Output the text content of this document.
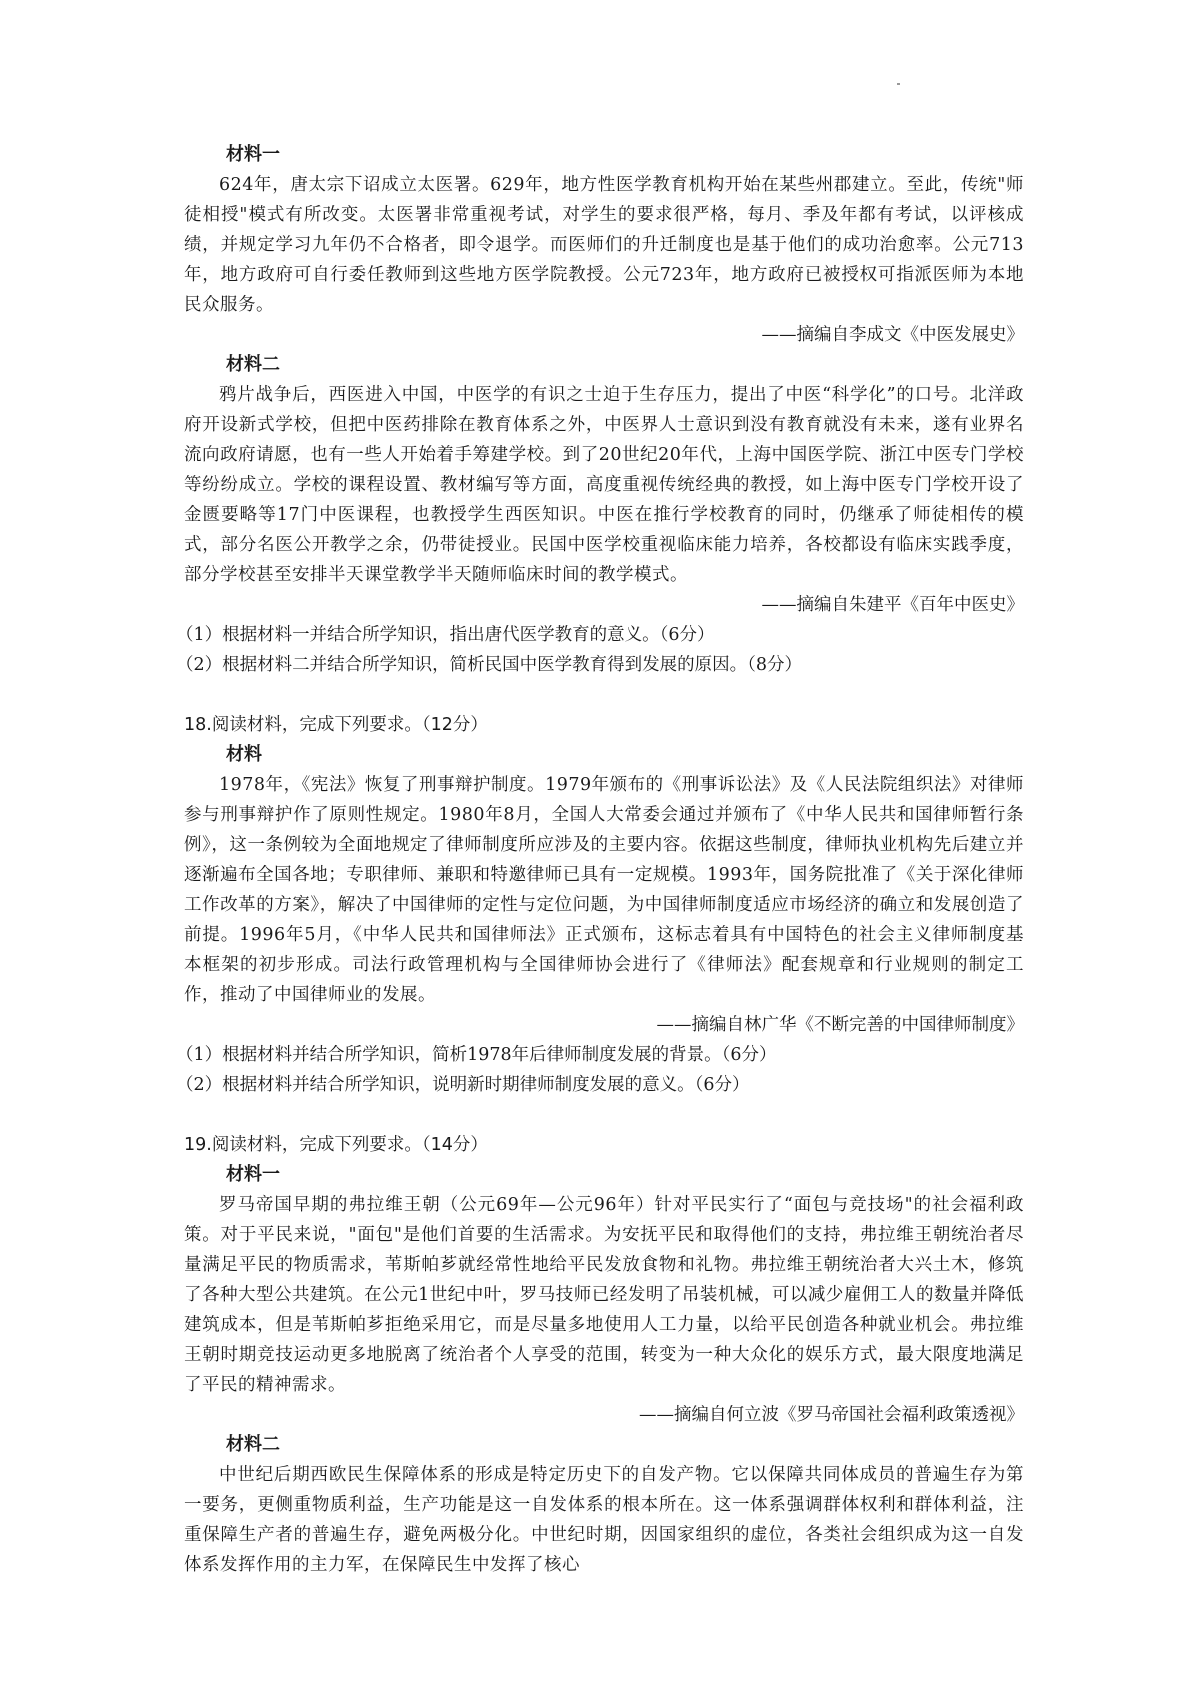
材料一

624年，唐太宗下诏成立太医署。629年，地方性医学教育机构开始在某些州郡建立。至此，传统"师徒相授"模式有所改变。太医署非常重视考试，对学生的要求很严格，每月、季及年都有考试，以评核成绩，并规定学习九年仍不合格者，即令退学。而医师们的升迁制度也是基于他们的成功治愈率。公元713年，地方政府可自行委任教师到这些地方医学院教授。公元723年，地方政府已被授权可指派医师为本地民众服务。

——摘编自李成文《中医发展史》
材料二

鸦片战争后，西医进入中国，中医学的有识之士迫于生存压力，提出了中医“科学化”的口号。北洋政府开设新式学校，但把中医药排除在教育体系之外，中医界人士意识到没有教育就没有未来，遂有业界名流向政府请愿，也有一些人开始着手筹建学校。到了20世纪20年代，上海中国医学院、浙江中医专门学校等纷纷成立。学校的课程设置、教材编写等方面，高度重视传统经典的教授，如上海中医专门学校开设了金匮要略等17门中医课程，也教授学生西医知识。中医在推行学校教育的同时，仍继承了师徒相传的模式，部分名医公开教学之余，仍带徒授业。民国中医学校重视临床能力培养，各校都设有临床实践季度，部分学校甚至安排半天课堂教学半天随师临床时间的教学模式。

——摘编自朱建平《百年中医史》
（1）根据材料一并结合所学知识，指出唐代医学教育的意义。（6分）
（2）根据材料二并结合所学知识，简析民国中医学教育得到发展的原因。（8分）
18.阅读材料，完成下列要求。（12分）
材料

1978年，《宪法》恢复了刑事辩护制度。1979年颁布的《刑事诉讼法》及《人民法院组织法》对律师参与刑事辩护作了原则性规定。1980年8月，全国人大常委会通过并颁布了《中华人民共和国律师暂行条例》，这一条例较为全面地规定了律师制度所应涉及的主要内容。依据这些制度，律师执业机构先后建立并逐渐遍布全国各地；专职律师、兼职和特邀律师已具有一定规模。1993年，国务院批准了《关于深化律师工作改革的方案》，解决了中国律师的定性与定位问题，为中国律师制度适应市场经济的确立和发展创造了前提。1996年5月，《中华人民共和国律师法》正式颁布，这标志着具有中国特色的社会主义律师制度基本框架的初步形成。司法行政管理机构与全国律师协会进行了《律师法》配套规章和行业规则的制定工作，推动了中国律师业的发展。

——摘编自林广华《不断完善的中国律师制度》
（1）根据材料并结合所学知识，简析1978年后律师制度发展的背景。（6分）
（2）根据材料并结合所学知识，说明新时期律师制度发展的意义。（6分）
19.阅读材料，完成下列要求。（14分）
材料一

罗马帝国早期的弗拉维王朝（公元69年—公元96年）针对平民实行了“面包与竞技场"的社会福利政策。对于平民来说，"面包"是他们首要的生活需求。为安抚平民和取得他们的支持，弗拉维王朝统治者尽量满足平民的物质需求，苇斯帕芗就经常性地给平民发放食物和礼物。弗拉维王朝统治者大兴土木，修筑了各种大型公共建筑。在公元1世纪中叶，罗马技师已经发明了吊装机械，可以减少雇佣工人的数量并降低建筑成本，但是苇斯帕芗拒绝采用它，而是尽量多地使用人工力量，以给平民创造各种就业机会。弗拉维王朝时期竞技运动更多地脱离了统治者个人享受的范围，转变为一种大众化的娱乐方式，最大限度地满足了平民的精神需求。

——摘编自何立波《罗马帝国社会福利政策透视》
材料二

中世纪后期西欧民生保障体系的形成是特定历史下的自发产物。它以保障共同体成员的普遍生存为第一要务，更侧重物质利益，生产功能是这一自发体系的根本所在。这一体系强调群体权利和群体利益，注重保障生产者的普遍生存，避免两极分化。中世纪时期，因国家组织的虚位，各类社会组织成为这一自发体系发挥作用的主力军，在保障民生中发挥了核心
